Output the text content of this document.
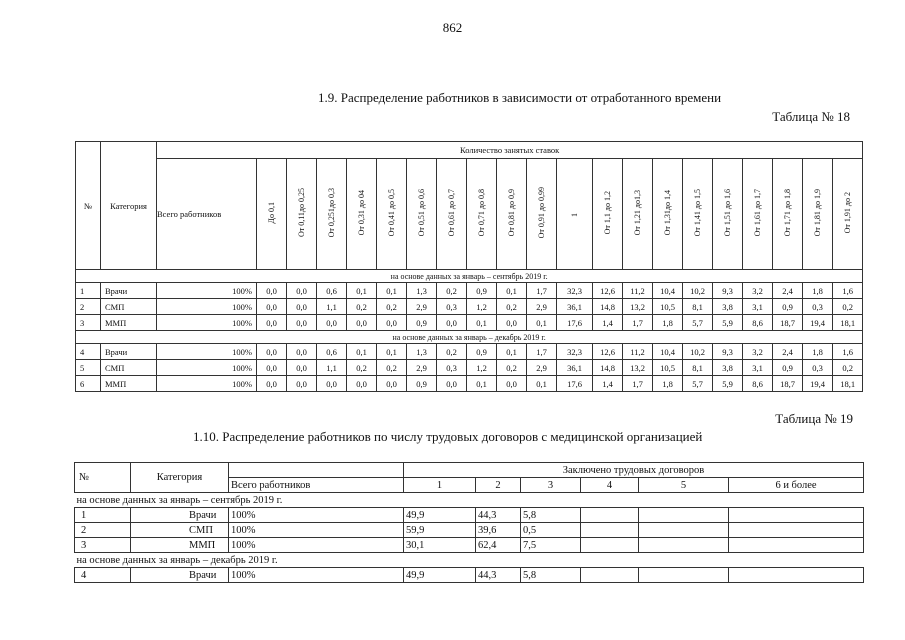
862
1.9. Распределение работников в зависимости от отработанного времени
Таблица № 18
№	Категория	Количество занятых ставок																				
		Всего работников	До 0,1	От 0,11до 0,25	От 0,251до 0,3	От 0,31 до 04	От 0,41 до 0,5	От 0,51 до 0,6	От 0,61 до 0,7	От 0,71 до 0,8	От 0,81 до 0,9	От 0,91 до 0,99	1	От 1,1 до 1,2	От 1,21 до1,3	От 1,31до 1,4	От 1,41 до 1,5	От 1,51 до 1,6	От 1,61 до 1,7	От 1,71 до 1,8	От 1,81 до 1,9	От 1,91 до 2
на основе данных за январь – сентябрь 2019 г.																						
1	Врачи	100%	0,0	0,0	0,6	0,1	0,1	1,3	0,2	0,9	0,1	1,7	32,3	12,6	11,2	10,4	10,2	9,3	3,2	2,4	1,8	1,6
2	СМП	100%	0,0	0,0	1,1	0,2	0,2	2,9	0,3	1,2	0,2	2,9	36,1	14,8	13,2	10,5	8,1	3,8	3,1	0,9	0,3	0,2
3	ММП	100%	0,0	0,0	0,0	0,0	0,0	0,9	0,0	0,1	0,0	0,1	17,6	1,4	1,7	1,8	5,7	5,9	8,6	18,7	19,4	18,1
на основе данных за январь – декабрь 2019 г.																						
4	Врачи	100%	0,0	0,0	0,6	0,1	0,1	1,3	0,2	0,9	0,1	1,7	32,3	12,6	11,2	10,4	10,2	9,3	3,2	2,4	1,8	1,6
5	СМП	100%	0,0	0,0	1,1	0,2	0,2	2,9	0,3	1,2	0,2	2,9	36,1	14,8	13,2	10,5	8,1	3,8	3,1	0,9	0,3	0,2
6	ММП	100%	0,0	0,0	0,0	0,0	0,0	0,9	0,0	0,1	0,0	0,1	17,6	1,4	1,7	1,8	5,7	5,9	8,6	18,7	19,4	18,1
Таблица № 19
1.10. Распределение работников по числу трудовых договоров с медицинской организацией
№	Категория		Заключено трудовых договоров					
		Всего работников	1	2	3	4	5	6 и более
на основе данных за январь – сентябрь 2019 г.								
1	Врачи	100%	49,9	44,3	5,8			
2	СМП	100%	59,9	39,6	0,5			
3	ММП	100%	30,1	62,4	7,5			
на основе данных за январь – декабрь 2019 г.								
4	Врачи	100%	49,9	44,3	5,8			
